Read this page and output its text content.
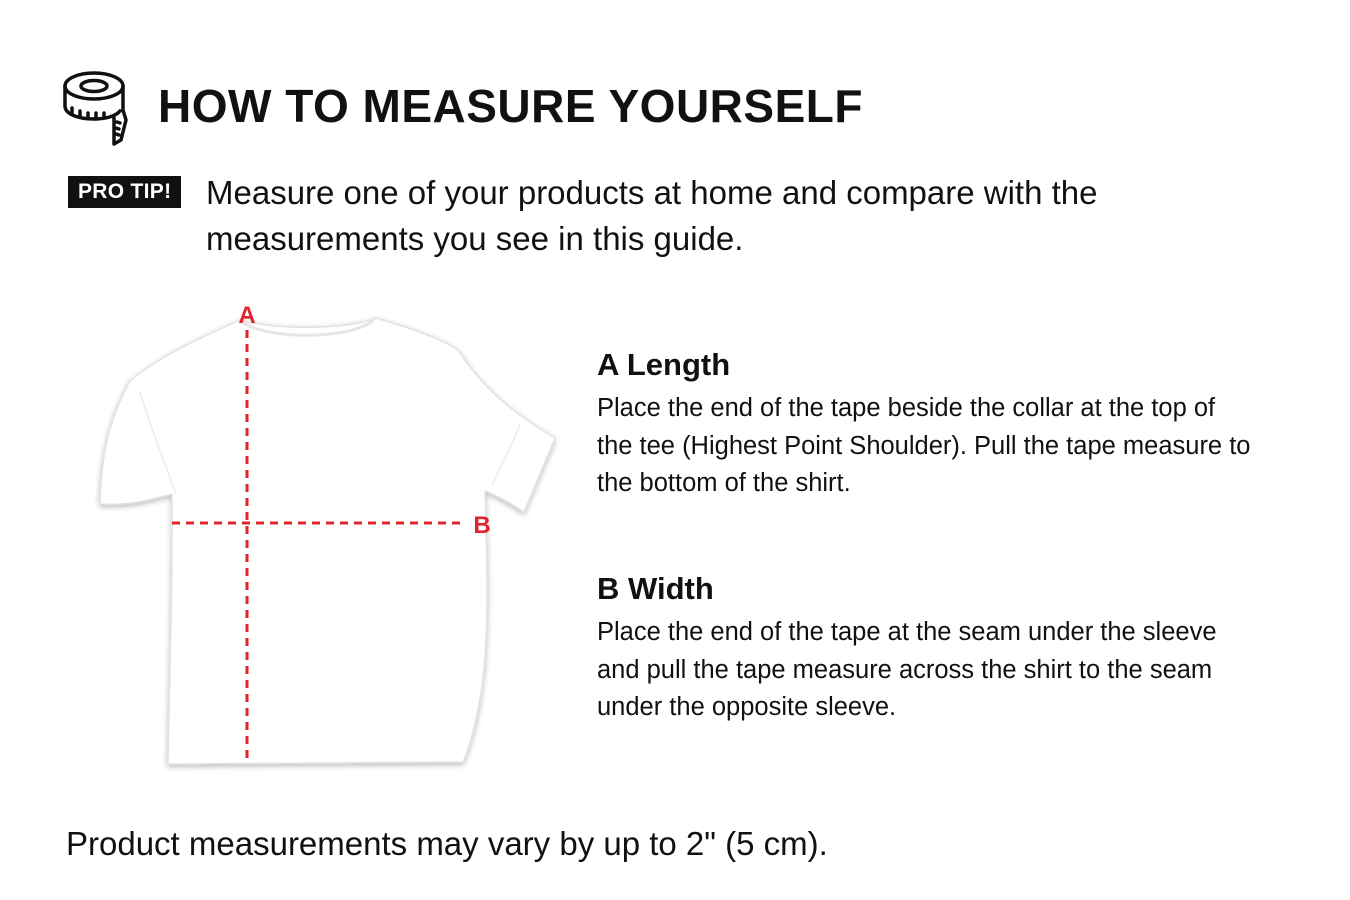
HOW TO MEASURE YOURSELF
PRO TIP!	Measure one of your products at home and compare with the measurements you see in this guide.

A
B
A Length

Place the end of the tape beside the collar at the top of the tee (Highest Point Shoulder). Pull the tape measure to the bottom of the shirt.

B Width

Place the end of the tape at the seam under the sleeve and pull the tape measure across the shirt to the seam under the opposite sleeve.

Product measurements may vary by up to 2" (5 cm).
